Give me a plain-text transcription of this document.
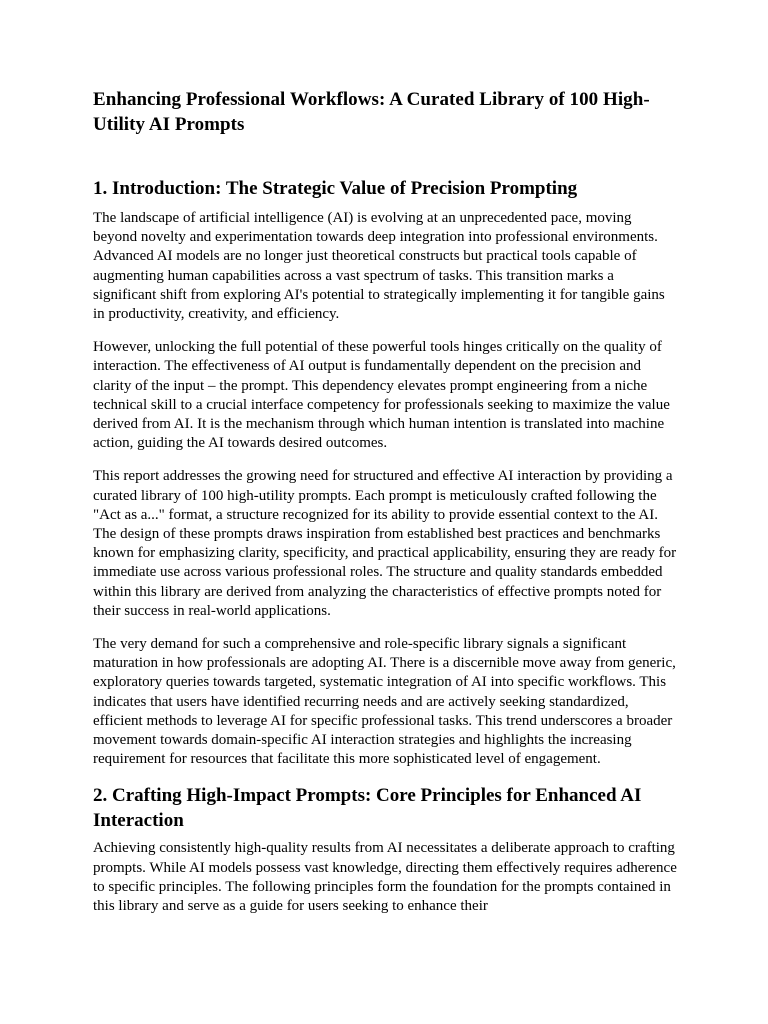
Enhancing Professional Workflows: A Curated Library of 100 High-Utility AI Prompts
1. Introduction: The Strategic Value of Precision Prompting

The landscape of artificial intelligence (AI) is evolving at an unprecedented pace, moving beyond novelty and experimentation towards deep integration into professional environments. Advanced AI models are no longer just theoretical constructs but practical tools capable of augmenting human capabilities across a vast spectrum of tasks. This transition marks a significant shift from exploring AI's potential to strategically implementing it for tangible gains in productivity, creativity, and efficiency.

However, unlocking the full potential of these powerful tools hinges critically on the quality of interaction. The effectiveness of AI output is fundamentally dependent on the precision and clarity of the input – the prompt. This dependency elevates prompt engineering from a niche technical skill to a crucial interface competency for professionals seeking to maximize the value derived from AI. It is the mechanism through which human intention is translated into machine action, guiding the AI towards desired outcomes.

This report addresses the growing need for structured and effective AI interaction by providing a curated library of 100 high-utility prompts. Each prompt is meticulously crafted following the "Act as a..." format, a structure recognized for its ability to provide essential context to the AI. The design of these prompts draws inspiration from established best practices and benchmarks known for emphasizing clarity, specificity, and practical applicability, ensuring they are ready for immediate use across various professional roles. The structure and quality standards embedded within this library are derived from analyzing the characteristics of effective prompts noted for their success in real-world applications.

The very demand for such a comprehensive and role-specific library signals a significant maturation in how professionals are adopting AI. There is a discernible move away from generic, exploratory queries towards targeted, systematic integration of AI into specific workflows. This indicates that users have identified recurring needs and are actively seeking standardized, efficient methods to leverage AI for specific professional tasks. This trend underscores a broader movement towards domain-specific AI interaction strategies and highlights the increasing requirement for resources that facilitate this more sophisticated level of engagement.

2. Crafting High-Impact Prompts: Core Principles for Enhanced AI Interaction

Achieving consistently high-quality results from AI necessitates a deliberate approach to crafting prompts. While AI models possess vast knowledge, directing them effectively requires adherence to specific principles. The following principles form the foundation for the prompts contained in this library and serve as a guide for users seeking to enhance their
